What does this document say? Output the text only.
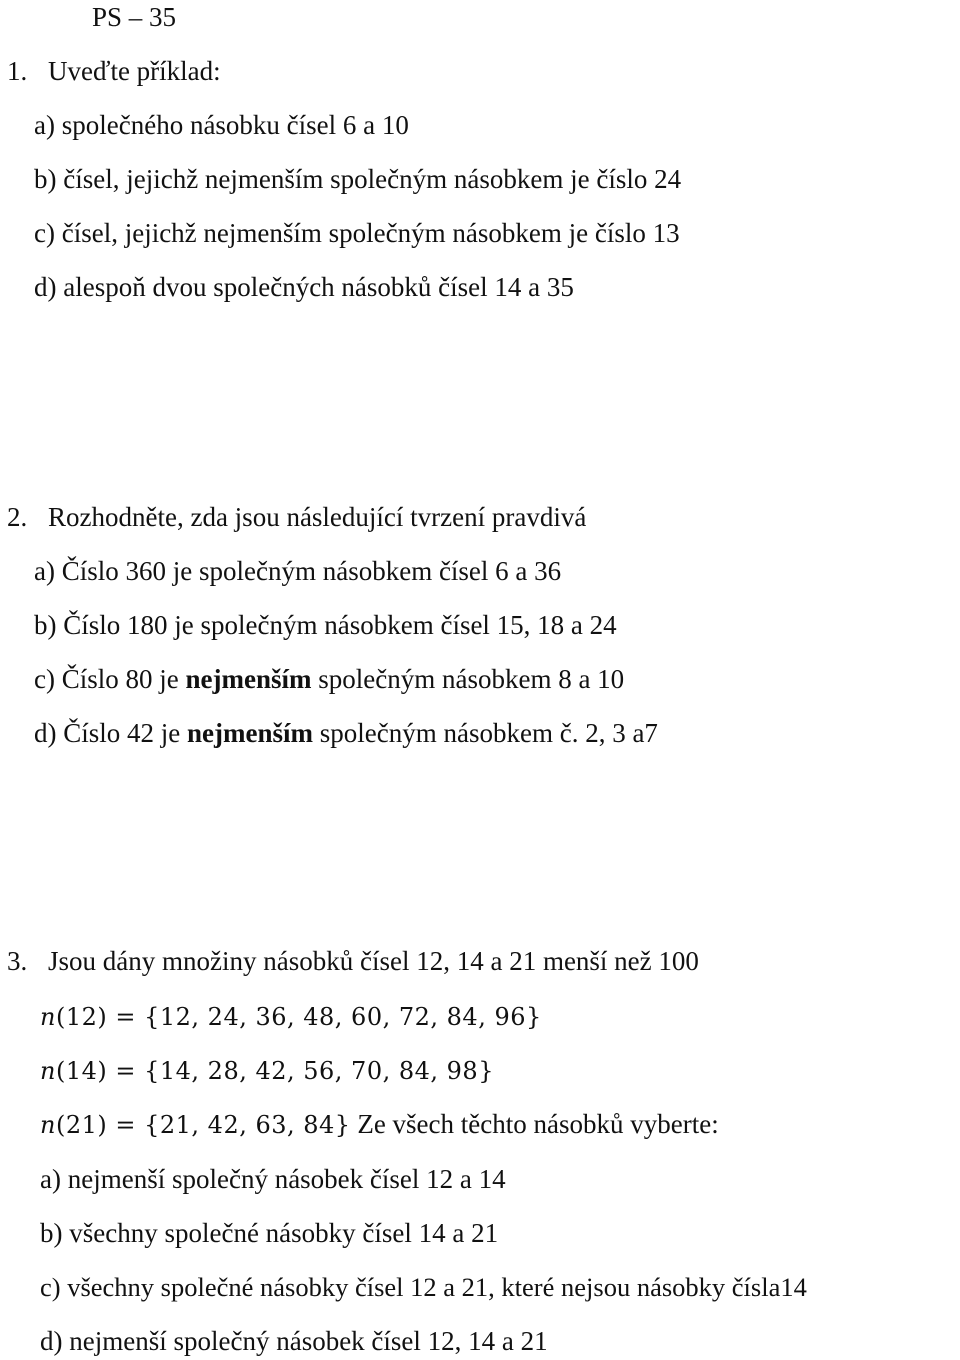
PS – 35
1. Uveďte příklad:
a) společného násobku čísel 6 a 10
b) čísel, jejichž nejmenším společným násobkem je číslo 24
c) čísel, jejichž nejmenším společným násobkem je číslo 13
d) alespoň dvou společných násobků čísel 14 a 35
2. Rozhodněte, zda jsou následující tvrzení pravdivá
a) Číslo 360 je společným násobkem čísel 6 a 36
b) Číslo 180 je společným násobkem čísel 15, 18 a 24
c) Číslo 80 je nejmenším společným násobkem 8 a 10
d) Číslo 42 je nejmenším společným násobkem č. 2, 3 a7
3. Jsou dány množiny násobků čísel 12, 14 a 21 menší než 100
n(12) = {12, 24, 36, 48, 60, 72, 84, 96}
n(14) = {14, 28, 42, 56, 70, 84, 98}
n(21) = {21, 42, 63, 84} Ze všech těchto násobků vyberte:
a) nejmenší společný násobek čísel 12 a 14
b) všechny společné násobky čísel 14 a 21
c) všechny společné násobky čísel 12 a 21, které nejsou násobky čísla14
d) nejmenší společný násobek čísel 12, 14 a 21
